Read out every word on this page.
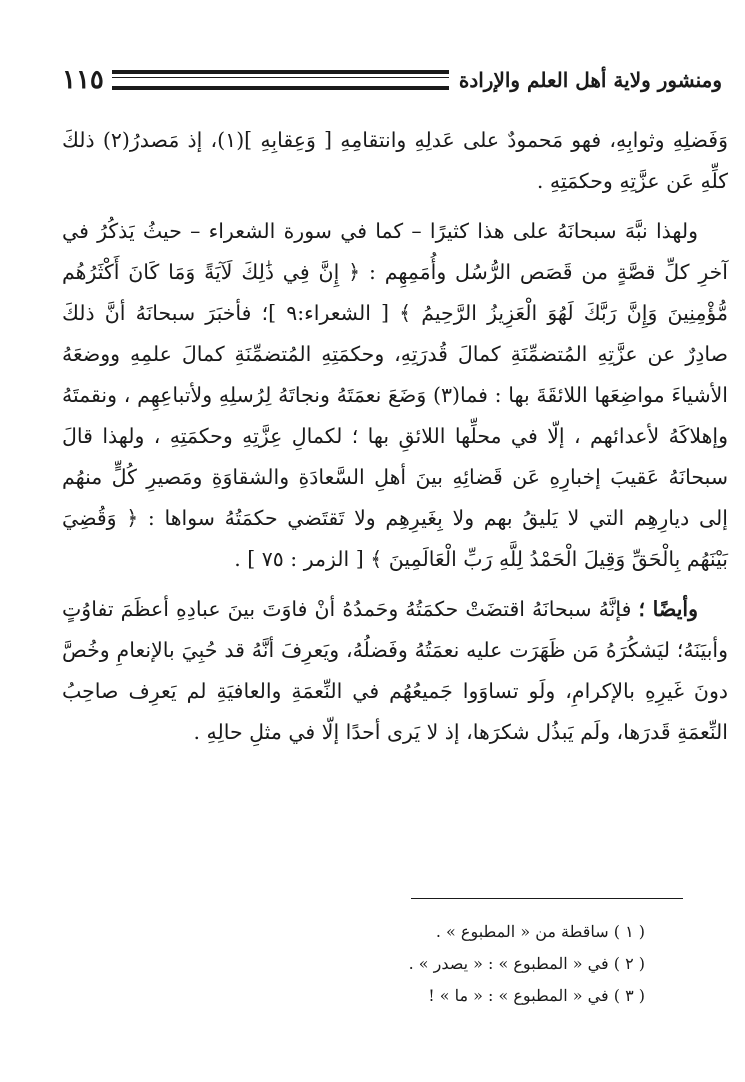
ومنشور ولاية أهل العلم والإرادة
١١٥

وَفَضلِهِ وثوابِهِ، فهو مَحمودٌ على عَدلِهِ وانتقامِهِ [ وَعِقابِهِ ](١)، إذ مَصدرُ(٢) ذلكَ كلِّهِ عَن عزَّتِهِ وحكمَتِهِ .

ولهذا نبَّهَ سبحانَهُ على هذا كثيرًا – كما في سورة الشعراء – حيثُ يَذكُرُ في آخرِ كلِّ قصَّةٍ من قَصَص الرُّسُل وأُمَمِهِم : ﴿ إِنَّ فِي ذَٰلِكَ لَآيَةً وَمَا كَانَ أَكْثَرُهُم مُّؤْمِنِينَ وَإِنَّ رَبَّكَ لَهُوَ الْعَزِيزُ الرَّحِيمُ ﴾ [ الشعراء:٩ ]؛ فأخبَرَ سبحانَهُ أنَّ ذلكَ صادِرٌ عن عزَّتِهِ المُتضمِّنَةِ كمالَ قُدرَتِهِ، وحكمَتِهِ المُتضمِّنَةِ كمالَ علمِهِ ووضعَهُ الأشياءَ مواضِعَها اللائقَةَ بها : فما(٣) وَضَعَ نعمَتَهُ ونجاتَهُ لِرُسلِهِ ولأتباعِهِم ، ونقمتَهُ وإهلاكَهُ لأعدائهم ، إلّا في محلِّها اللائقِ بها ؛ لكمالِ عِزَّتِهِ وحكمَتِهِ ، ولهذا قالَ سبحانَهُ عَقيبَ إخبارِهِ عَن قَضائِهِ بينَ أهلِ السَّعادَةِ والشقاوَةِ ومَصيرِ كُلٍّ منهُم إلى ديارِهِم التي لا يَليقُ بهم ولا بِغَيرِهِم ولا تَقتَضي حكمَتُهُ سواها : ﴿ وَقُضِيَ بَيْنَهُم بِالْحَقِّ وَقِيلَ الْحَمْدُ لِلَّهِ رَبِّ الْعَالَمِينَ ﴾ [ الزمر : ٧٥ ] .

وأيضًا ؛ فإنَّهُ سبحانَهُ اقتضَتْ حكمَتُهُ وحَمدُهُ أنْ فاوَتَ بينَ عبادِهِ أعظَمَ تفاوُتٍ وأبيَنَهُ؛ ليَشكُرَهُ مَن ظَهَرَت عليه نعمَتُهُ وفَضلُهُ، ويَعرِفَ أنَّهُ قد حُبِيَ بالإنعامِ وخُصَّ دونَ غَيرِهِ بالإكرامِ، ولَو تساوَوا جَميعُهُم في النِّعمَةِ والعافيَةِ لم يَعرِف صاحِبُ النِّعمَةِ قَدرَها، ولَم يَبذُل شكرَها، إذ لا يَرى أحدًا إلّا في مثلِ حالِهِ .

( ١ ) ساقطة من « المطبوع » .

( ٢ ) في « المطبوع » : « يصدر » .

( ٣ ) في « المطبوع » : « ما » !
